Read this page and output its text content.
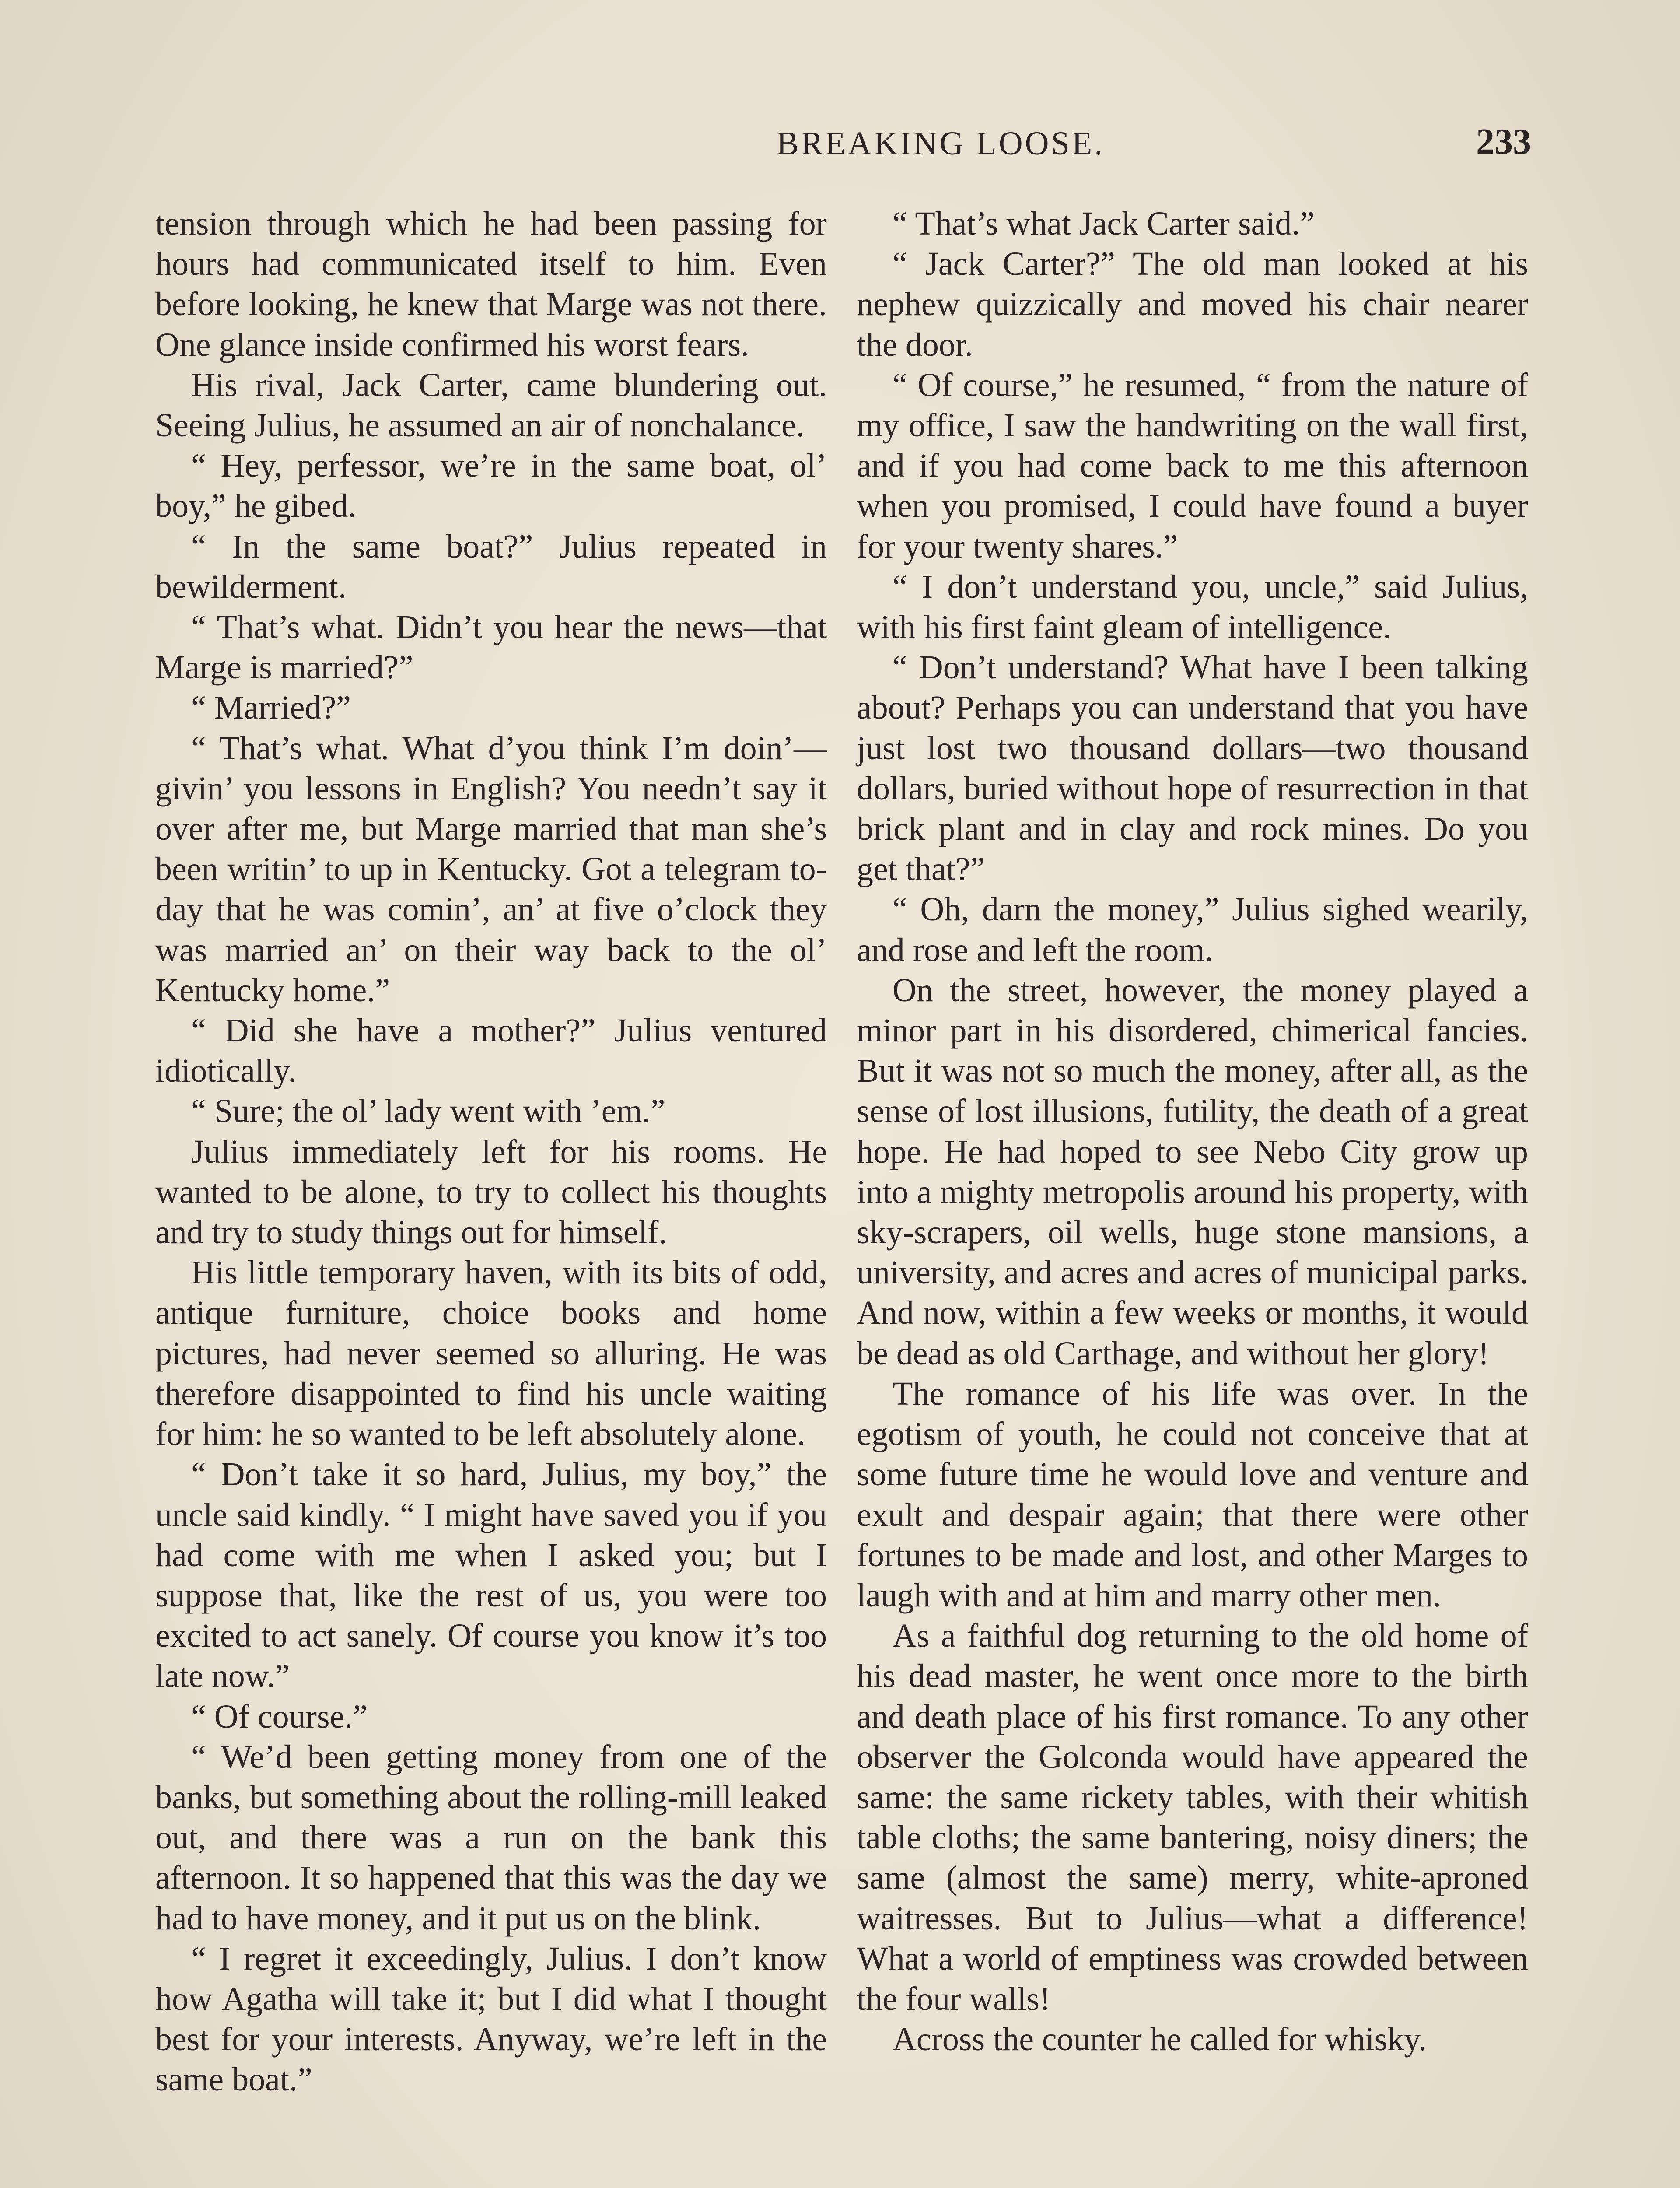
BREAKING LOOSE.	233

tension through which he had been passing for hours had communicated itself to him. Even before looking, he knew that Marge was not there. One glance inside confirmed his worst fears.

His rival, Jack Carter, came blundering out. Seeing Julius, he assumed an air of nonchalance.

“ Hey, perfessor, we’re in the same boat, ol’ boy,” he gibed.

“ In the same boat?” Julius repeated in bewilderment.

“ That’s what. Didn’t you hear the news—that Marge is married?”

“ Married?”

“ That’s what. What d’you think I’m doin’—givin’ you lessons in English? You needn’t say it over after me, but Marge married that man she’s been writin’ to up in Kentucky. Got a telegram to-day that he was comin’, an’ at five o’clock they was married an’ on their way back to the ol’ Kentucky home.”

“ Did she have a mother?” Julius ventured idiotically.

“ Sure; the ol’ lady went with ’em.”

Julius immediately left for his rooms. He wanted to be alone, to try to collect his thoughts and try to study things out for himself.

His little temporary haven, with its bits of odd, antique furniture, choice books and home pictures, had never seemed so alluring. He was therefore disappointed to find his uncle waiting for him: he so wanted to be left absolutely alone.

“ Don’t take it so hard, Julius, my boy,” the uncle said kindly. “ I might have saved you if you had come with me when I asked you; but I suppose that, like the rest of us, you were too excited to act sanely. Of course you know it’s too late now.”

“ Of course.”

“ We’d been getting money from one of the banks, but something about the rolling-mill leaked out, and there was a run on the bank this afternoon. It so happened that this was the day we had to have money, and it put us on the blink.

“ I regret it exceedingly, Julius. I don’t know how Agatha will take it; but I did what I thought best for your interests. Anyway, we’re left in the same boat.”

“ That’s what Jack Carter said.”

“ Jack Carter?” The old man looked at his nephew quizzically and moved his chair nearer the door.

“ Of course,” he resumed, “ from the nature of my office, I saw the handwriting on the wall first, and if you had come back to me this afternoon when you promised, I could have found a buyer for your twenty shares.”

“ I don’t understand you, uncle,” said Julius, with his first faint gleam of intelligence.

“ Don’t understand? What have I been talking about? Perhaps you can understand that you have just lost two thousand dollars—two thousand dollars, buried without hope of resurrection in that brick plant and in clay and rock mines. Do you get that?”

“ Oh, darn the money,” Julius sighed wearily, and rose and left the room.

On the street, however, the money played a minor part in his disordered, chimerical fancies. But it was not so much the money, after all, as the sense of lost illusions, futility, the death of a great hope. He had hoped to see Nebo City grow up into a mighty metropolis around his property, with sky-scrapers, oil wells, huge stone mansions, a university, and acres and acres of municipal parks. And now, within a few weeks or months, it would be dead as old Carthage, and without her glory!

The romance of his life was over. In the egotism of youth, he could not conceive that at some future time he would love and venture and exult and despair again; that there were other fortunes to be made and lost, and other Marges to laugh with and at him and marry other men.

As a faithful dog returning to the old home of his dead master, he went once more to the birth and death place of his first romance. To any other observer the Golconda would have appeared the same: the same rickety tables, with their whitish table cloths; the same bantering, noisy diners; the same (almost the same) merry, white-aproned waitresses. But to Julius—what a difference! What a world of emptiness was crowded between the four walls!

Across the counter he called for whisky.
